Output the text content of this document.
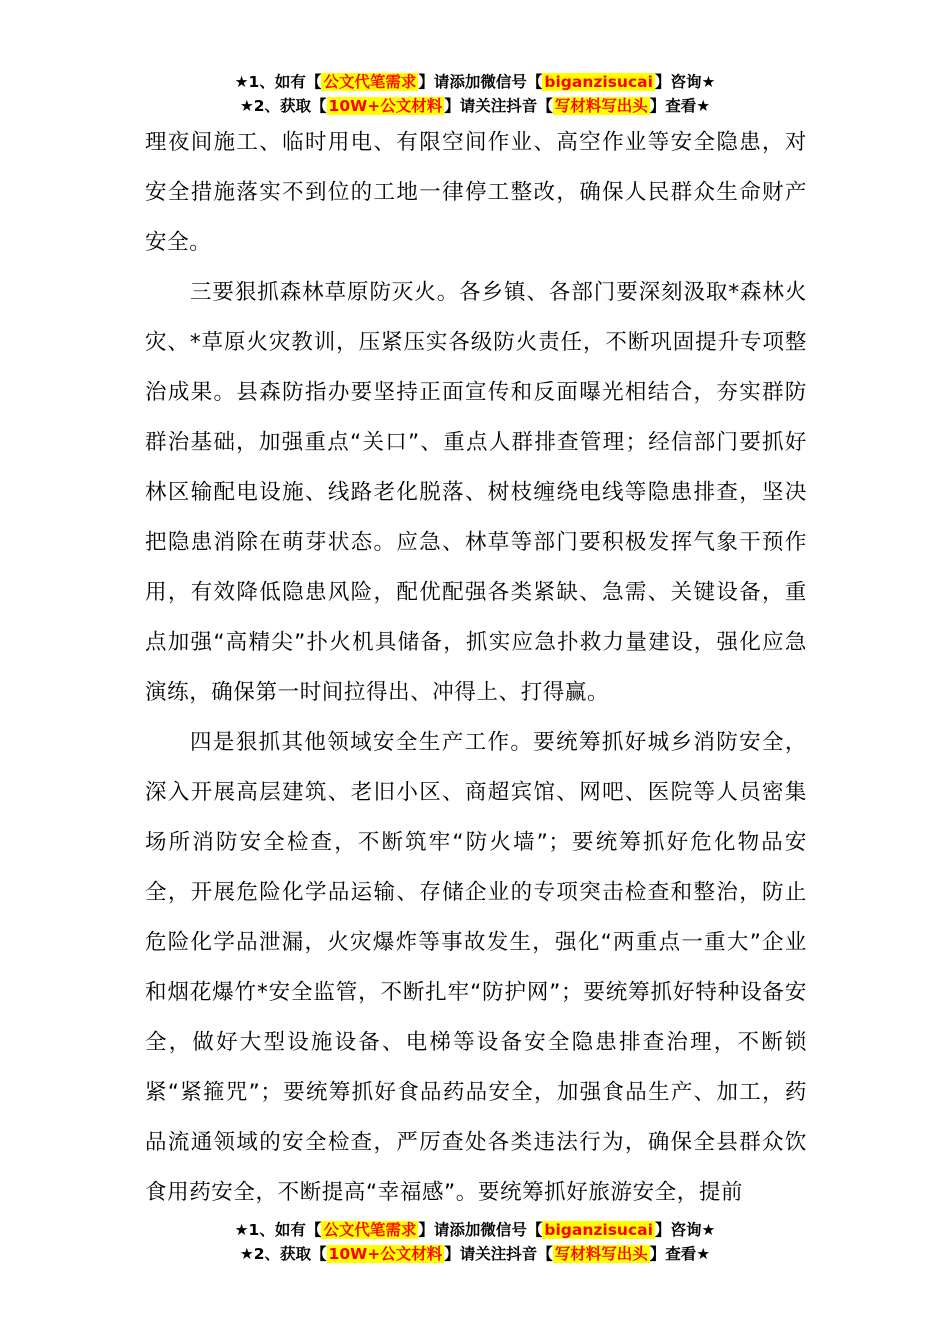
★1、如有【 公文代笔需求 】请添加微信号【 biganzisucai 】咨询★
★2、获取【 10W+公文材料 】请关注抖音【 写材料写出头 】查看★

理夜间施工、临时用电、有限空间作业、高空作业等安全隐患，对安全措施落实不到位的工地一律停工整改，确保人民群众生命财产安全。

三要狠抓森林草原防灭火。各乡镇、各部门要深刻汲取*森林火灾、*草原火灾教训，压紧压实各级防火责任，不断巩固提升专项整治成果。县森防指办要坚持正面宣传和反面曝光相结合，夯实群防群治基础，加强重点“关口”、重点人群排查管理；经信部门要抓好林区输配电设施、线路老化脱落、树枝缠绕电线等隐患排查，坚决把隐患消除在萌芽状态。应急、林草等部门要积极发挥气象干预作用，有效降低隐患风险，配优配强各类紧缺、急需、关键设备，重点加强“高精尖”扑火机具储备，抓实应急扑救力量建设，强化应急演练，确保第一时间拉得出、冲得上、打得赢。

四是狠抓其他领域安全生产工作。要统筹抓好城乡消防安全，深入开展高层建筑、老旧小区、商超宾馆、网吧、医院等人员密集场所消防安全检查，不断筑牢“防火墙”；要统筹抓好危化物品安全，开展危险化学品运输、存储企业的专项突击检查和整治，防止危险化学品泄漏，火灾爆炸等事故发生，强化“两重点一重大”企业和烟花爆竹*安全监管，不断扎牢“防护网”；要统筹抓好特种设备安全，做好大型设施设备、电梯等设备安全隐患排查治理，不断锁紧“紧箍咒”；要统筹抓好食品药品安全，加强食品生产、加工，药品流通领域的安全检查，严厉查处各类违法行为，确保全县群众饮食用药安全，不断提高“幸福感”。要统筹抓好旅游安全，提前

★1、如有【 公文代笔需求 】请添加微信号【 biganzisucai 】咨询★
★2、获取【 10W+公文材料 】请关注抖音【 写材料写出头 】查看★
